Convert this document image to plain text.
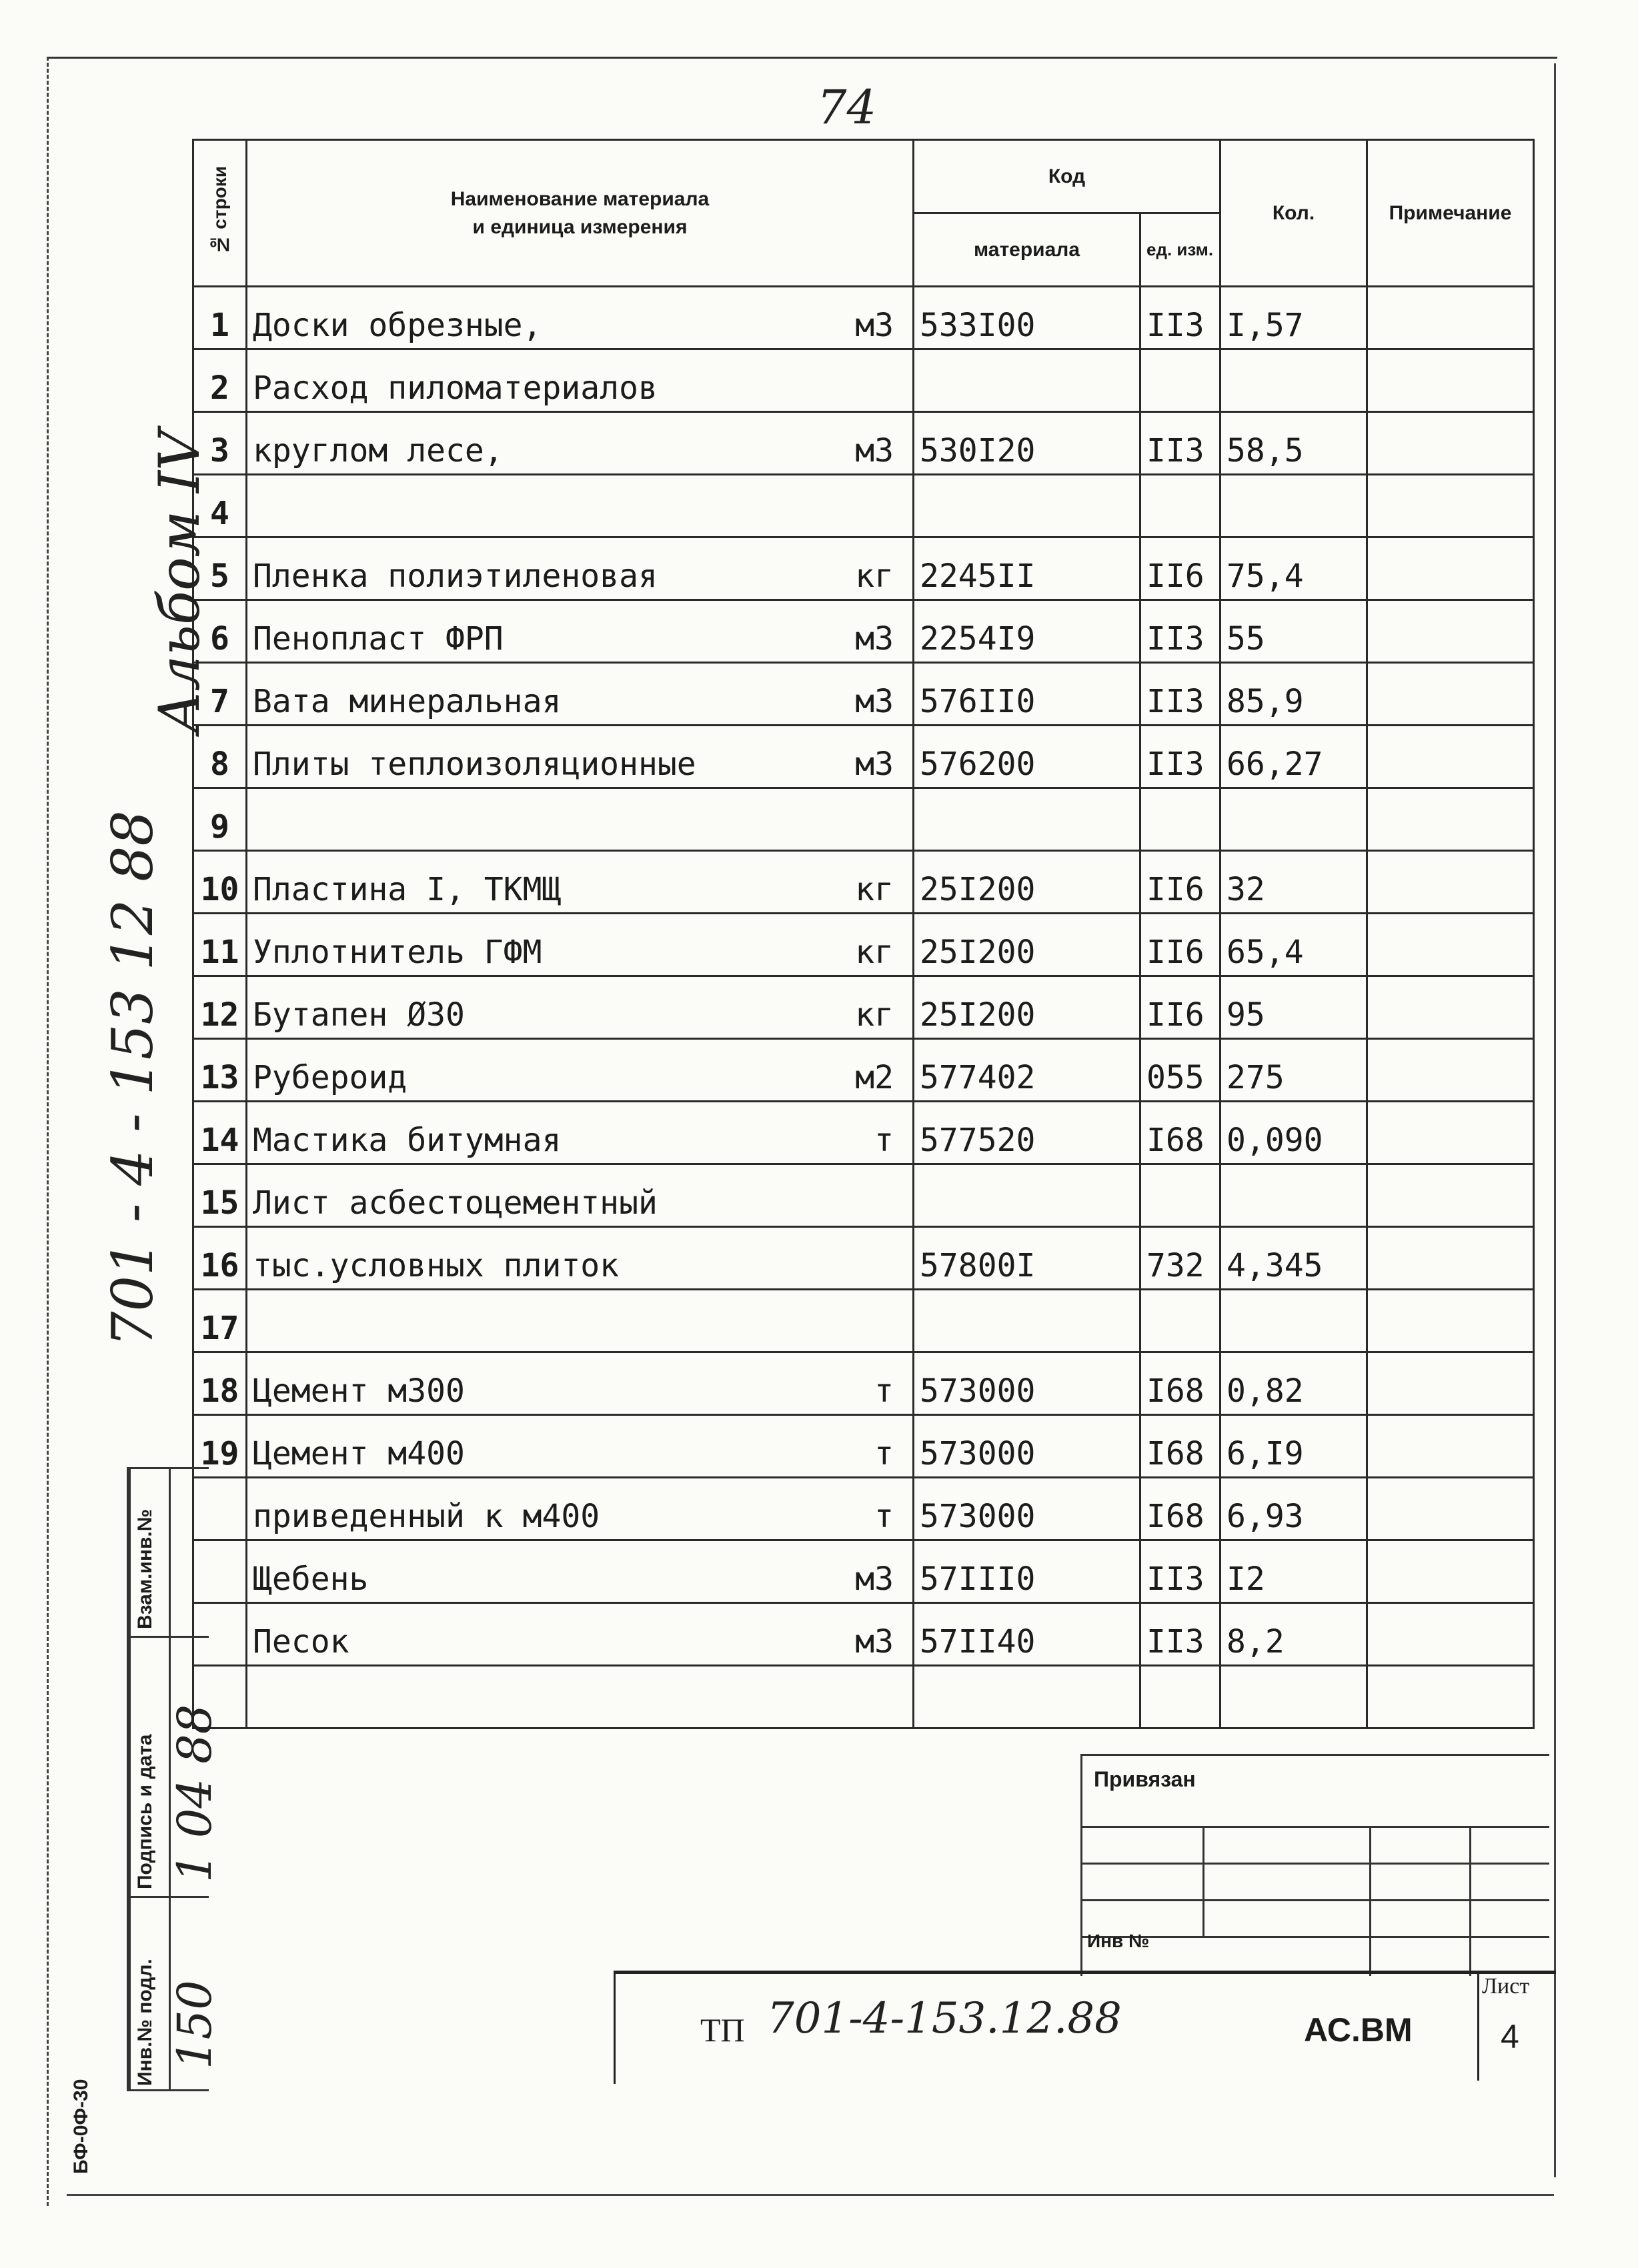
74
№ строки	Наименование материала
и единица измерения	Код		Кол.	Примечание
		материала	ед. изм.		
1	Доски обрезные, м3	533I00	II3	I,57	
2	Расход пиломатериалов				

3	круглом лесе, м3	530I20	II3	58,5	
4	

5	Пленка полиэтиленовая кг	2245II	II6	75,4	
6	Пенопласт ФРП м3	2254I9	II3	55	
7	Вата минеральная м3	576II0	II3	85,9	
8	Плиты теплоизоляционные м3	576200	II3	66,27	
9	

10	Пластина I, ТКМЩ кг	25I200	II6	32	
11	Уплотнитель ГФМ кг	25I200	II6	65,4	
12	Бутапен Ø30 кг	25I200	II6	95	
13	Рубероид м2	577402	055	275	
14	Мастика битумная т	577520	I68	0,090	
15	Лист асбестоцементный				

16	тыс.условных плиток	57800I	732	4,345	
17	

18	Цемент м300 т	573000	I68	0,82	
19	Цемент м400 т	573000	I68	6,I9	

	приведенный к м400 т	573000	I68	6,93	

	Щебень м3	57III0	II3	I2	

	Песок м3	57II40	II3	8,2	

Альбом IV
701 - 4 - 153 12 88
Взам.инв.№
Подпись и дата
Инв.№ подл.
1 04 88
150
БФ-0Ф-30
Привязан
Инв №
ТП 701-4-153.12.88	АС.ВМ
Лист
4
